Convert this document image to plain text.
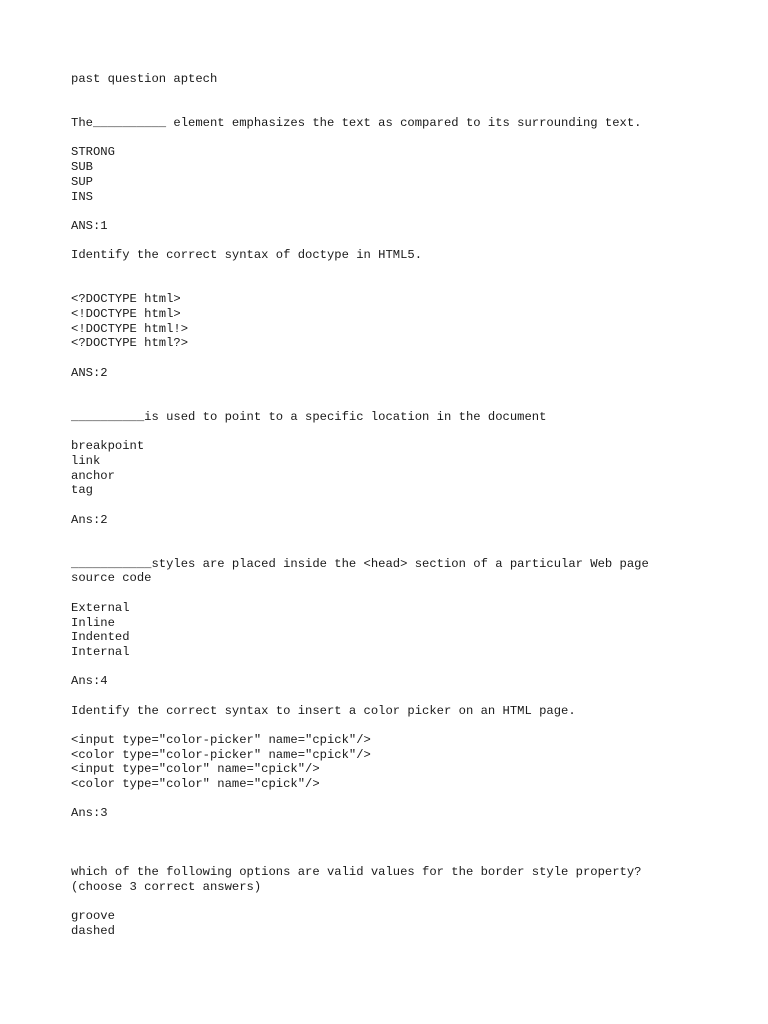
past question aptech
The__________ element emphasizes the text as compared to its surrounding text.
STRONG
SUB
SUP
INS
ANS:1
Identify the correct syntax of doctype in HTML5.
<?DOCTYPE html>
<!DOCTYPE html>
<!DOCTYPE html!>
<?DOCTYPE html?>
ANS:2
__________is used to point to a specific location in the document
breakpoint
link
anchor
tag
Ans:2
___________styles are placed inside the <head> section of a particular Web page
source code
External
Inline
Indented
Internal
Ans:4
Identify the correct syntax to insert a color picker on an HTML page.
<input type="color-picker" name="cpick"/>
<color type="color-picker" name="cpick"/>
<input type="color" name="cpick"/>
<color type="color" name="cpick"/>
Ans:3
which of the following options are valid values for the border style property?
(choose 3 correct answers)
groove
dashed
